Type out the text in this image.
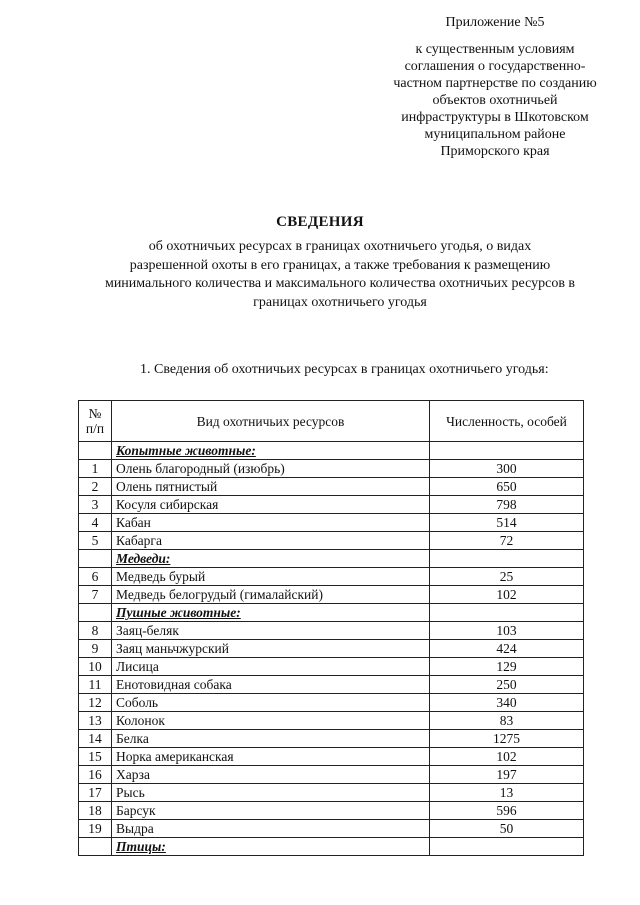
Приложение №5
к существенным условиям
соглашения о государственно-
частном партнерстве по созданию
объектов охотничьей
инфраструктуры в Шкотовском
муниципальном районе
Приморского края
СВЕДЕНИЯ
об охотничьих ресурсах в границах охотничьего угодья, о видах
разрешенной охоты в его границах, а также требования к размещению
минимального количества и максимального количества охотничьих ресурсов в
границах охотничьего угодья
1. Сведения об охотничьих ресурсах в границах охотничьего угодья:
№ п/п	Вид охотничьих ресурсов	Численность, особей
	Копытные животные:	
1	Олень благородный (изюбрь)	300
2	Олень пятнистый	650
3	Косуля сибирская	798
4	Кабан	514
5	Кабарга	72
	Медведи:	
6	Медведь бурый	25
7	Медведь белогрудый (гималайский)	102
	Пушные животные:	
8	Заяц-беляк	103
9	Заяц маньчжурский	424
10	Лисица	129
11	Енотовидная собака	250
12	Соболь	340
13	Колонок	83
14	Белка	1275
15	Норка американская	102
16	Харза	197
17	Рысь	13
18	Барсук	596
19	Выдра	50
	Птицы:	
